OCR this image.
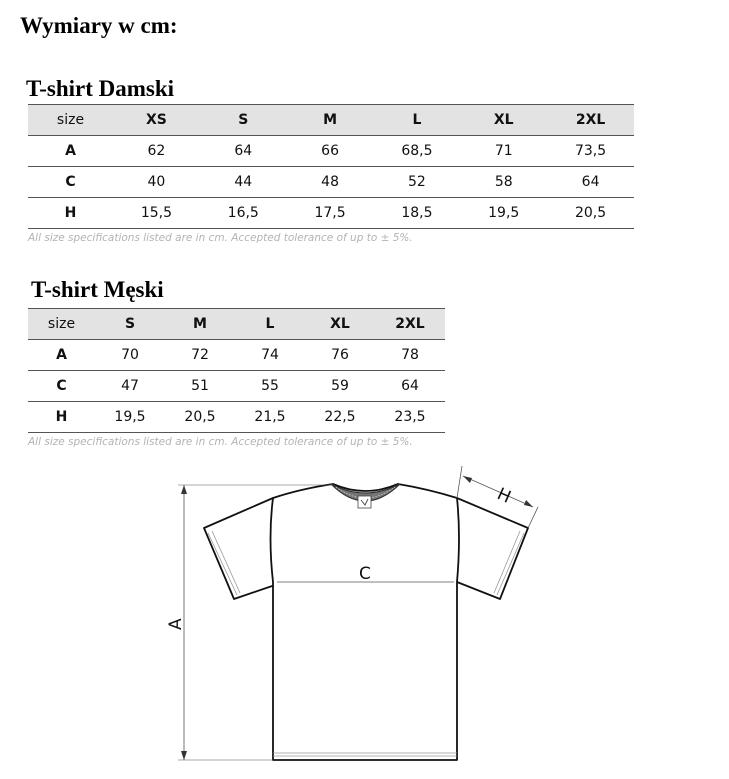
Wymiary w cm:
T-shirt Damski
size	XS	S	M	L	XL	2XL
A	62	64	66	68,5	71	73,5
C	40	44	48	52	58	64
H	15,5	16,5	17,5	18,5	19,5	20,5
All size specifications listed are in cm. Accepted tolerance of up to ± 5%.
T-shirt Męski
size	S	M	L	XL	2XL
A	70	72	74	76	78
C	47	51	55	59	64
H	19,5	20,5	21,5	22,5	23,5
All size specifications listed are in cm. Accepted tolerance of up to ± 5%.
C
A
H
